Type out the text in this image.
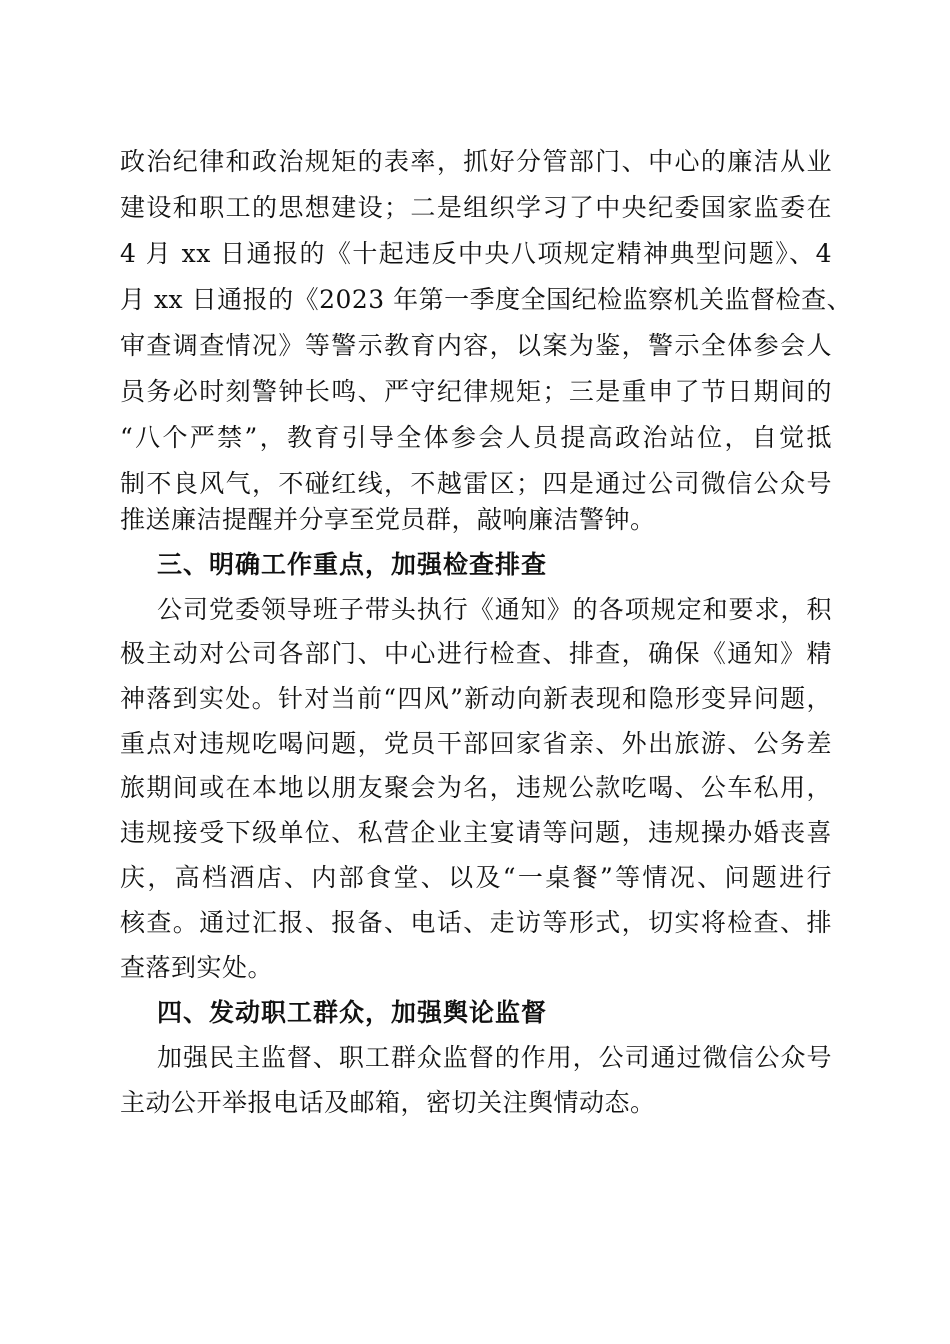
政治纪律和政治规矩的表率，抓好分管部门、中心的廉洁从业
建设和职工的思想建设；二是组织学习了中央纪委国家监委在
4 月 xx 日通报的《十起违反中央八项规定精神典型问题》、4
月 xx 日通报的《2023 年第一季度全国纪检监察机关监督检查、
审查调查情况》等警示教育内容，以案为鉴，警示全体参会人
员务必时刻警钟长鸣、严守纪律规矩；三是重申了节日期间的
“八个严禁”，教育引导全体参会人员提高政治站位，自觉抵
制不良风气，不碰红线，不越雷区；四是通过公司微信公众号
推送廉洁提醒并分享至党员群，敲响廉洁警钟。
三、明确工作重点，加强检查排查
公司党委领导班子带头执行《通知》的各项规定和要求，积
极主动对公司各部门、中心进行检查、排查，确保《通知》精
神落到实处。针对当前“四风”新动向新表现和隐形变异问题，
重点对违规吃喝问题，党员干部回家省亲、外出旅游、公务差
旅期间或在本地以朋友聚会为名，违规公款吃喝、公车私用，
违规接受下级单位、私营企业主宴请等问题，违规操办婚丧喜
庆，高档酒店、内部食堂、以及“一桌餐”等情况、问题进行
核查。通过汇报、报备、电话、走访等形式，切实将检查、排
查落到实处。
四、发动职工群众，加强舆论监督
加强民主监督、职工群众监督的作用，公司通过微信公众号
主动公开举报电话及邮箱，密切关注舆情动态。
